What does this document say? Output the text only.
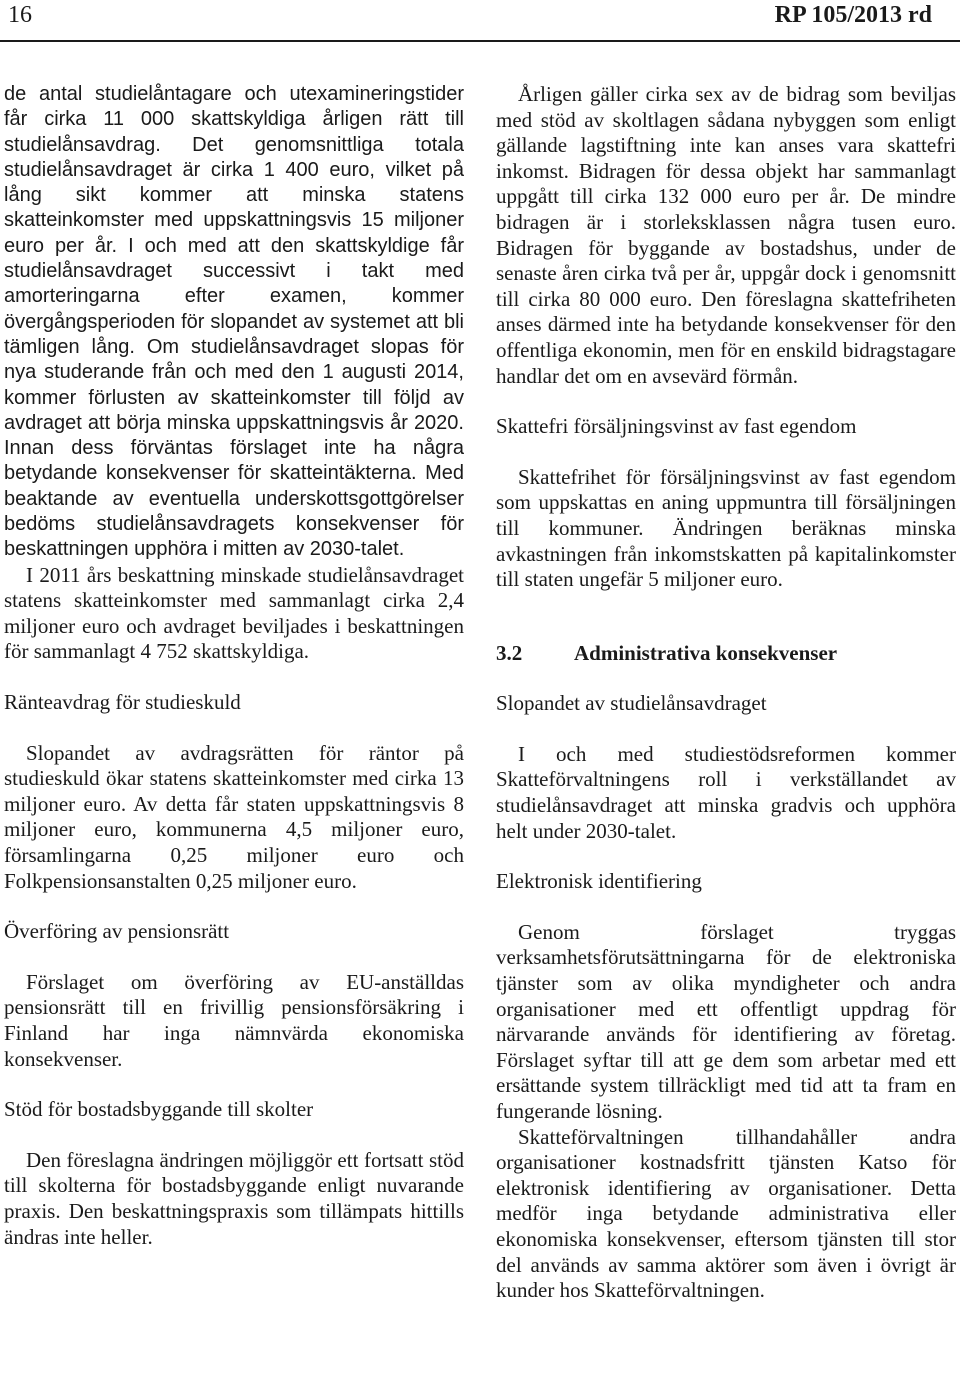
16	RP 105/2013 rd

de antal studielåntagare och utexamineringstider får cirka 11 000 skattskyldiga årligen rätt till studielånsavdrag. Det genomsnittliga totala studielånsavdraget är cirka 1 400 euro, vilket på lång sikt kommer att minska statens skatteinkomster med uppskattningsvis 15 miljoner euro per år. I och med att den skattskyldige får studielånsavdraget successivt i takt med amorteringarna efter examen, kommer övergångsperioden för slopandet av systemet att bli tämligen lång. Om studielånsavdraget slopas för nya studerande från och med den 1 augusti 2014, kommer förlusten av skatteinkomster till följd av avdraget att börja minska uppskattningsvis år 2020. Innan dess förväntas förslaget inte ha några betydande konsekvenser för skatteintäkterna. Med beaktande av eventuella underskottsgottgörelser bedöms studielånsavdragets konsekvenser för beskattningen upphöra i mitten av 2030-talet.

I 2011 års beskattning minskade studielånsavdraget statens skatteinkomster med sammanlagt cirka 2,4 miljoner euro och avdraget beviljades i beskattningen för sammanlagt 4 752 skattskyldiga.

Ränteavdrag för studieskuld

Slopandet av avdragsrätten för räntor på studieskuld ökar statens skatteinkomster med cirka 13 miljoner euro. Av detta får staten uppskattningsvis 8 miljoner euro, kommunerna 4,5 miljoner euro, församlingarna 0,25 miljoner euro och Folkpensionsanstalten 0,25 miljoner euro.

Överföring av pensionsrätt

Förslaget om överföring av EU-anställdas pensionsrätt till en frivillig pensionsförsäkring i Finland har inga nämnvärda ekonomiska konsekvenser.

Stöd för bostadsbyggande till skolter

Den föreslagna ändringen möjliggör ett fortsatt stöd till skolterna för bostadsbyggande enligt nuvarande praxis. Den beskattningspraxis som tillämpats hittills ändras inte heller.

Årligen gäller cirka sex av de bidrag som beviljas med stöd av skoltlagen sådana nybyggen som enligt gällande lagstiftning inte kan anses vara skattefri inkomst. Bidragen för dessa objekt har sammanlagt uppgått till cirka 132 000 euro per år. De mindre bidragen är i storleksklassen några tusen euro. Bidragen för byggande av bostadshus, under de senaste åren cirka två per år, uppgår dock i genomsnitt till cirka 80 000 euro. Den föreslagna skattefriheten anses därmed inte ha betydande konsekvenser för den offentliga ekonomin, men för en enskild bidragstagare handlar det om en avsevärd förmån.

Skattefri försäljningsvinst av fast egendom

Skattefrihet för försäljningsvinst av fast egendom som uppskattas en aning uppmuntra till försäljningen till kommuner. Ändringen beräknas minska avkastningen från inkomstskatten på kapitalinkomster till staten ungefär 5 miljoner euro.

3.2 Administrativa konsekvenser
Slopandet av studielånsavdraget

I och med studiestödsreformen kommer Skatteförvaltningens roll i verkställandet av studielånsavdraget att minska gradvis och upphöra helt under 2030-talet.

Elektronisk identifiering

Genom förslaget tryggas verksamhetsförutsättningarna för de elektroniska tjänster som av olika myndigheter och andra organisationer med ett offentligt uppdrag för närvarande används för identifiering av företag. Förslaget syftar till att ge dem som arbetar med ett ersättande system tillräckligt med tid att ta fram en fungerande lösning.

Skatteförvaltningen tillhandahåller andra organisationer kostnadsfritt tjänsten Katso för elektronisk identifiering av organisationer. Detta medför inga betydande administrativa eller ekonomiska konsekvenser, eftersom tjänsten till stor del används av samma aktörer som även i övrigt är kunder hos Skatteförvaltningen.
